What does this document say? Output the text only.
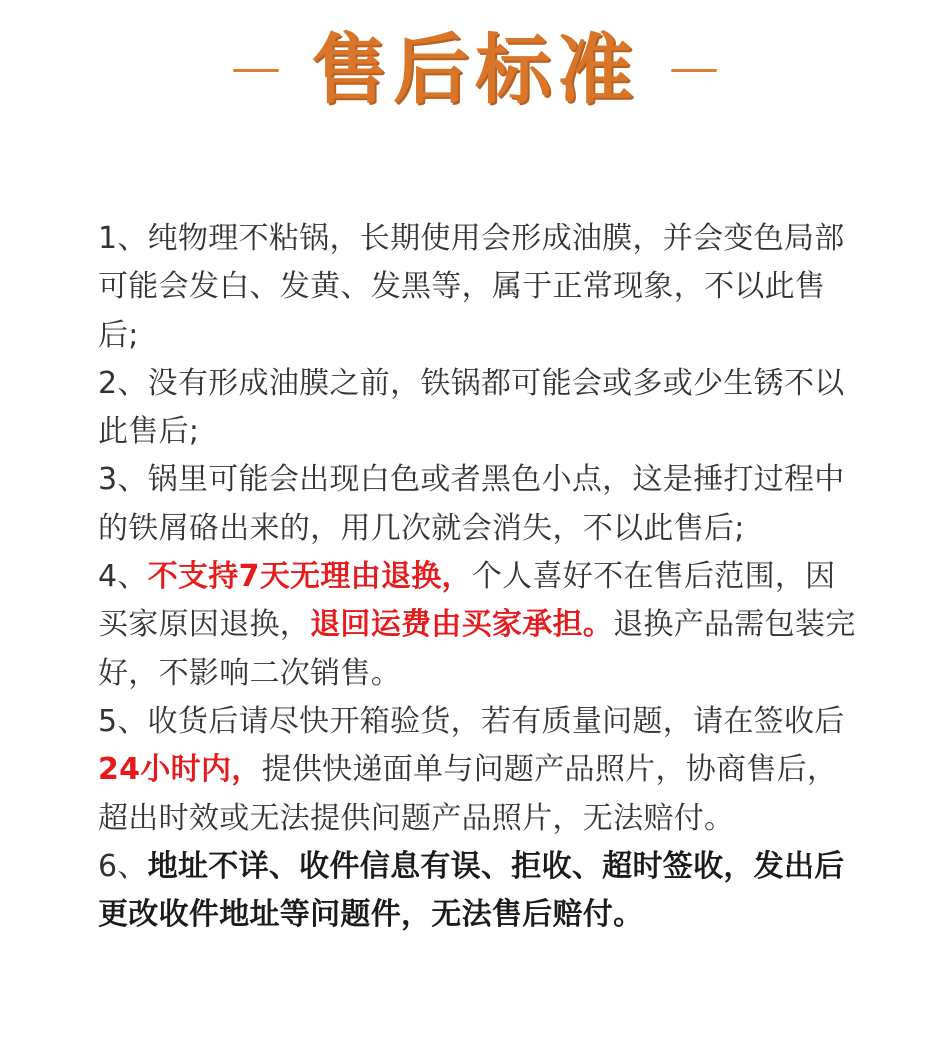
售后标准

1、纯物理不粘锅，长期使用会形成油膜，并会变色局部可能会发白、发黄、发黑等，属于正常现象，不以此售后;

2、没有形成油膜之前，铁锅都可能会或多或少生锈不以此售后;

3、锅里可能会出现白色或者黑色小点，这是捶打过程中的铁屑硌出来的，用几次就会消失，不以此售后;

4、不支持7天无理由退换，个人喜好不在售后范围，因买家原因退换，退回运费由买家承担。退换产品需包装完好，不影响二次销售。

5、收货后请尽快开箱验货，若有质量问题，请在签收后24小时内，提供快递面单与问题产品照片，协商售后，超出时效或无法提供问题产品照片，无法赔付。

6、地址不详、收件信息有误、拒收、超时签收，发出后更改收件地址等问题件，无法售后赔付。
